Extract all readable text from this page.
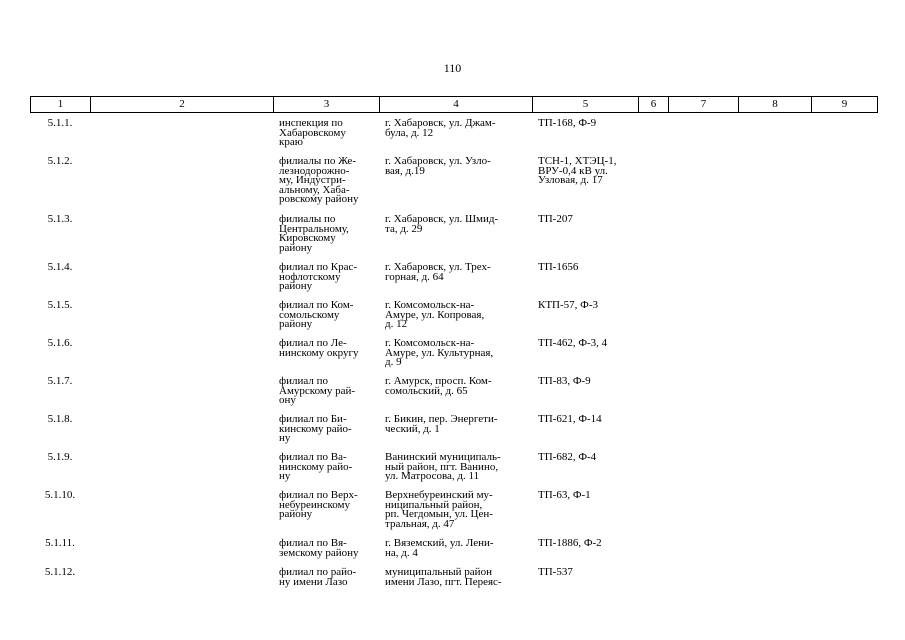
110
1	2	3	4	5	6	7	8	9
5.1.1.		инспекция по
Хабаровскому
краю	г. Хабаровск, ул. Джам-
була, д. 12	ТП-168, Ф-9				

5.1.2.		филиалы по Же-
лезнодорожно-
му, Индустри-
альному, Хаба-
ровскому району	г. Хабаровск, ул. Узло-
вая, д.19	ТСН-1, ХТЭЦ-1,
ВРУ-0,4 кВ ул.
Узловая, д. 17				

5.1.3.		филиалы по
Центральному,
Кировскому
району	г. Хабаровск, ул. Шмид-
та, д. 29	ТП-207				

5.1.4.		филиал по Крас-
нофлотскому
району	г. Хабаровск, ул. Трех-
горная, д. 64	ТП-1656				

5.1.5.		филиал по Ком-
сомольскому
району	г. Комсомольск-на-
Амуре, ул. Копровая,
д. 12	КТП-57, Ф-3				

5.1.6.		филиал по Ле-
нинскому округу	г. Комсомольск-на-
Амуре, ул. Культурная,
д. 9	ТП-462, Ф-3, 4				

5.1.7.		филиал по
Амурскому рай-
ону	г. Амурск, просп. Ком-
сомольский, д. 65	ТП-83, Ф-9				

5.1.8.		филиал по Би-
кинскому райо-
ну	г. Бикин, пер. Энергети-
ческий, д. 1	ТП-621, Ф-14				

5.1.9.		филиал по Ва-
нинскому райо-
ну	Ванинский муниципаль-
ный район, пгт. Ванино,
ул. Матросова, д. 11	ТП-682, Ф-4				

5.1.10.		филиал по Верх-
небуреинскому
району	Верхнебуреинский му-
ниципальный район,
рп. Чегдомын, ул. Цен-
тральная, д. 47	ТП-63, Ф-1				

5.1.11.		филиал по Вя-
земскому району	г. Вяземский, ул. Лени-
на, д. 4	ТП-1886, Ф-2				

5.1.12.		филиал по райо-
ну имени Лазо	муниципальный район
имени Лазо, пгт. Переяс-	ТП-537				
